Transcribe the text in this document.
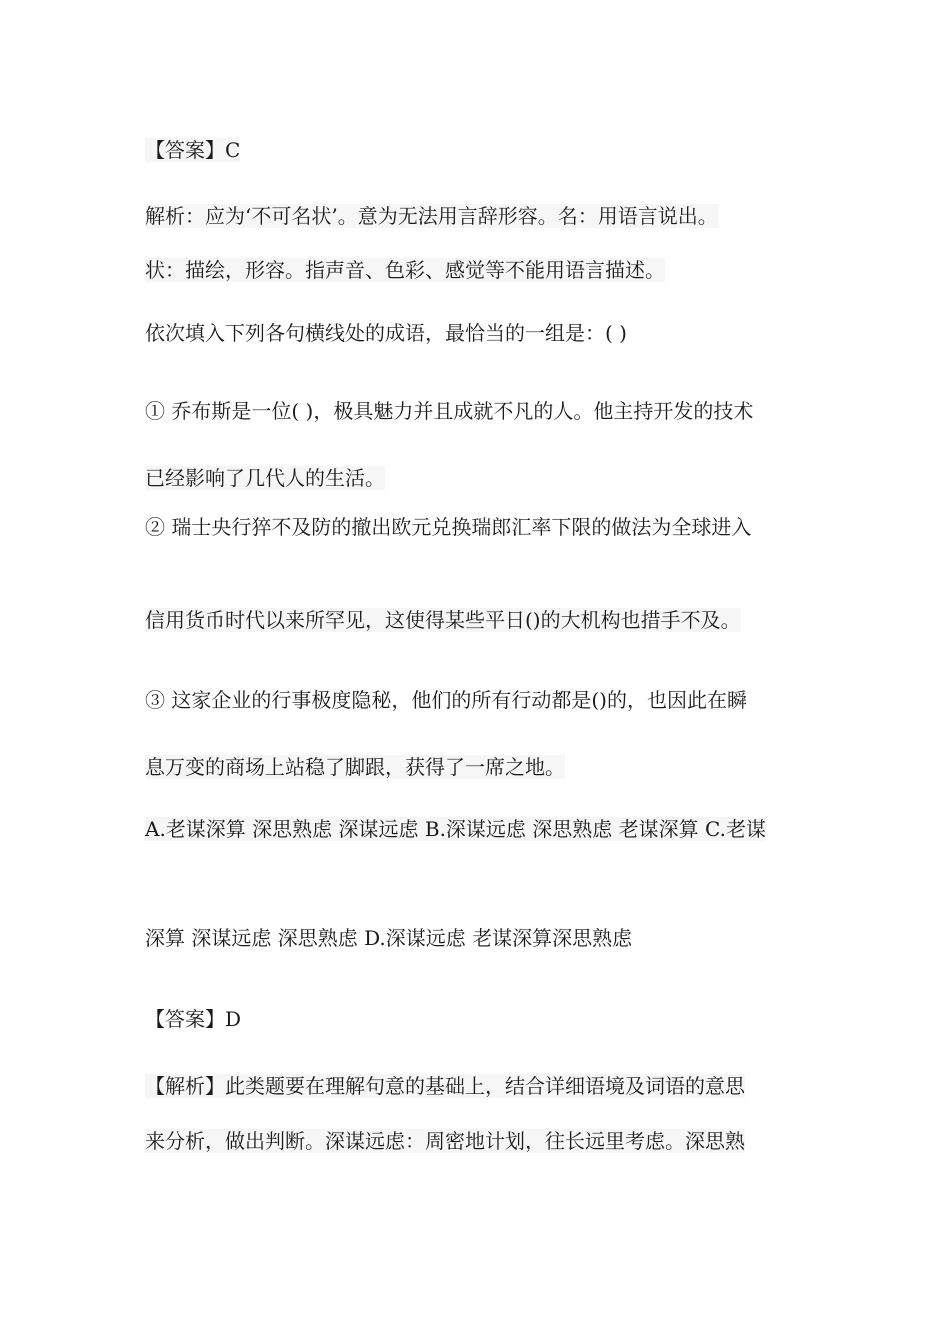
【答案】C
解析：应为‘不可名状’。意为无法用言辞形容。名：用语言说出。
状：描绘，形容。指声音、色彩、感觉等不能用语言描述。
依次填入下列各句横线处的成语，最恰当的一组是：( )
① 乔布斯是一位( )，极具魅力并且成就不凡的人。他主持开发的技术
已经影响了几代人的生活。
② 瑞士央行猝不及防的撤出欧元兑换瑞郎汇率下限的做法为全球进入
信用货币时代以来所罕见，这使得某些平日()的大机构也措手不及。
③ 这家企业的行事极度隐秘，他们的所有行动都是()的，也因此在瞬
息万变的商场上站稳了脚跟，获得了一席之地。
A.老谋深算 深思熟虑 深谋远虑 B.深谋远虑 深思熟虑 老谋深算 C.老谋
深算 深谋远虑 深思熟虑 D.深谋远虑 老谋深算深思熟虑
【答案】D
【解析】此类题要在理解句意的基础上，结合详细语境及词语的意思
来分析，做出判断。深谋远虑：周密地计划，往长远里考虑。深思熟
